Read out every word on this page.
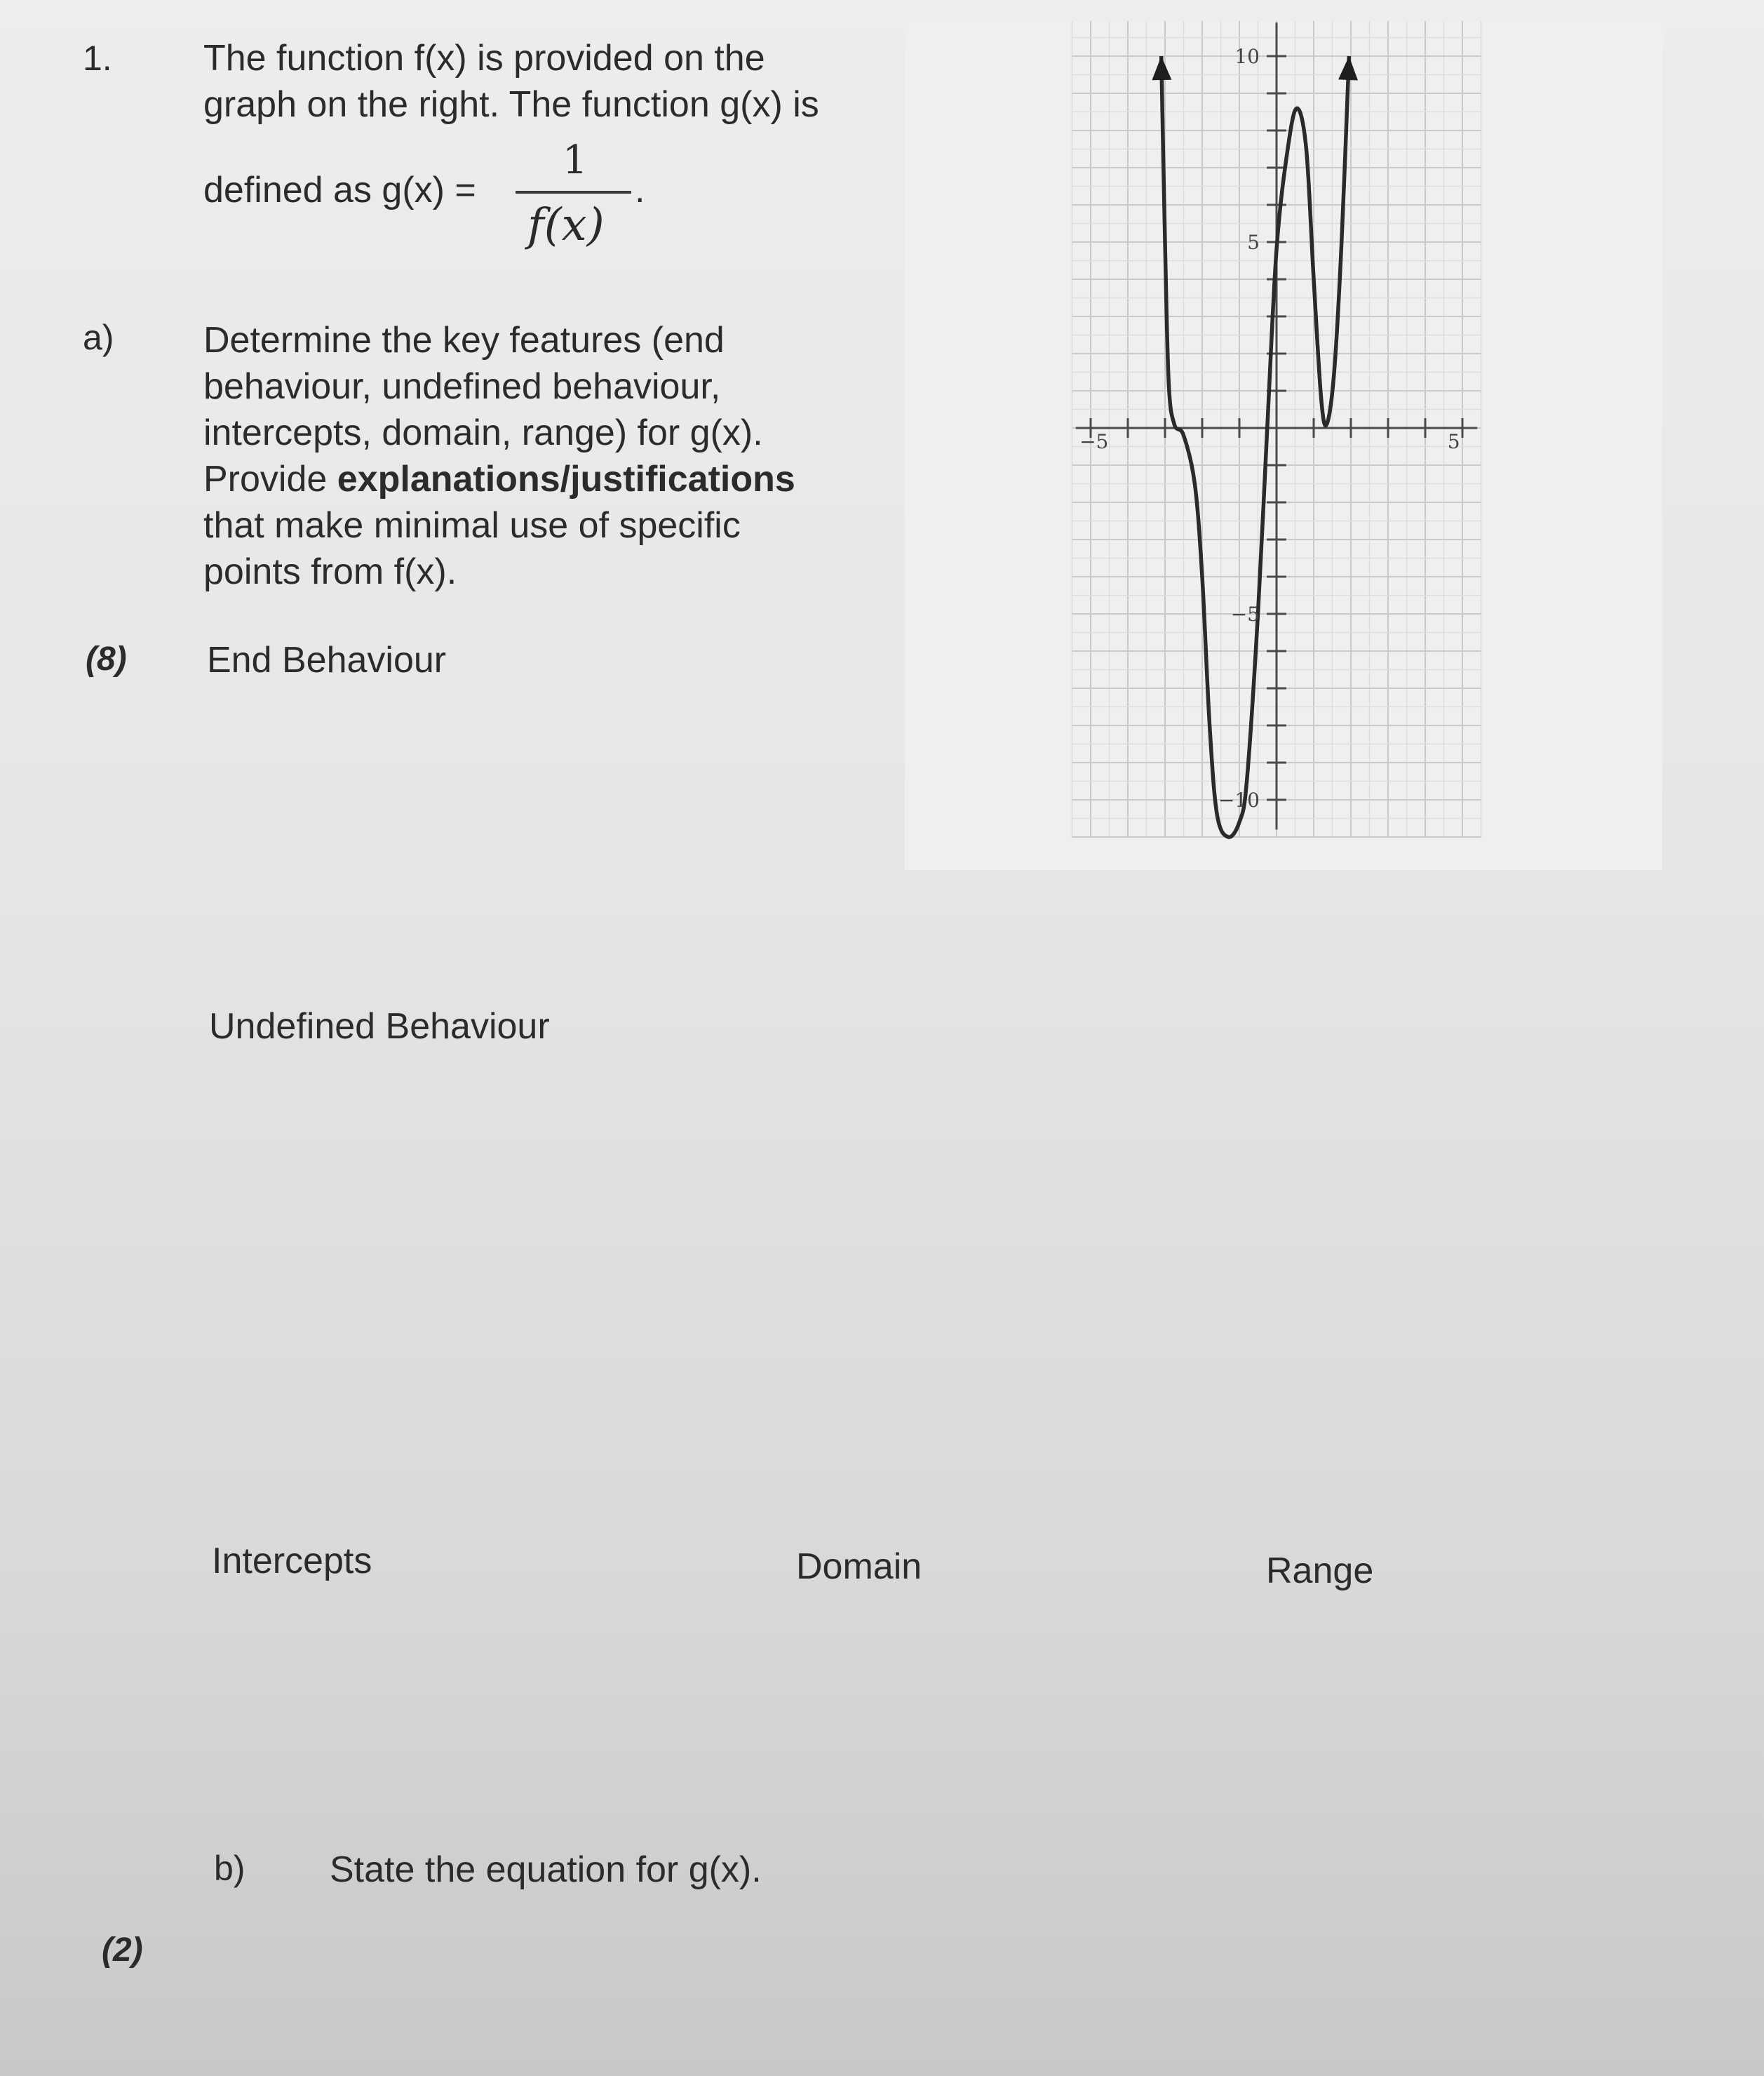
1.	The function f(x) is provided on the
graph on the right. The function g(x) is
defined as g(x) =
1
f(x)
.
a) Determine the key features (end
behaviour, undefined behaviour,
intercepts, domain, range) for g(x).
Provide explanations/justifications
that make minimal use of specific
points from f(x).
(8) End Behaviour
Undefined Behaviour
Intercepts	Domain	Range
b) State the equation for g(x).
(2)
−5	5
10
5
−5
−10
